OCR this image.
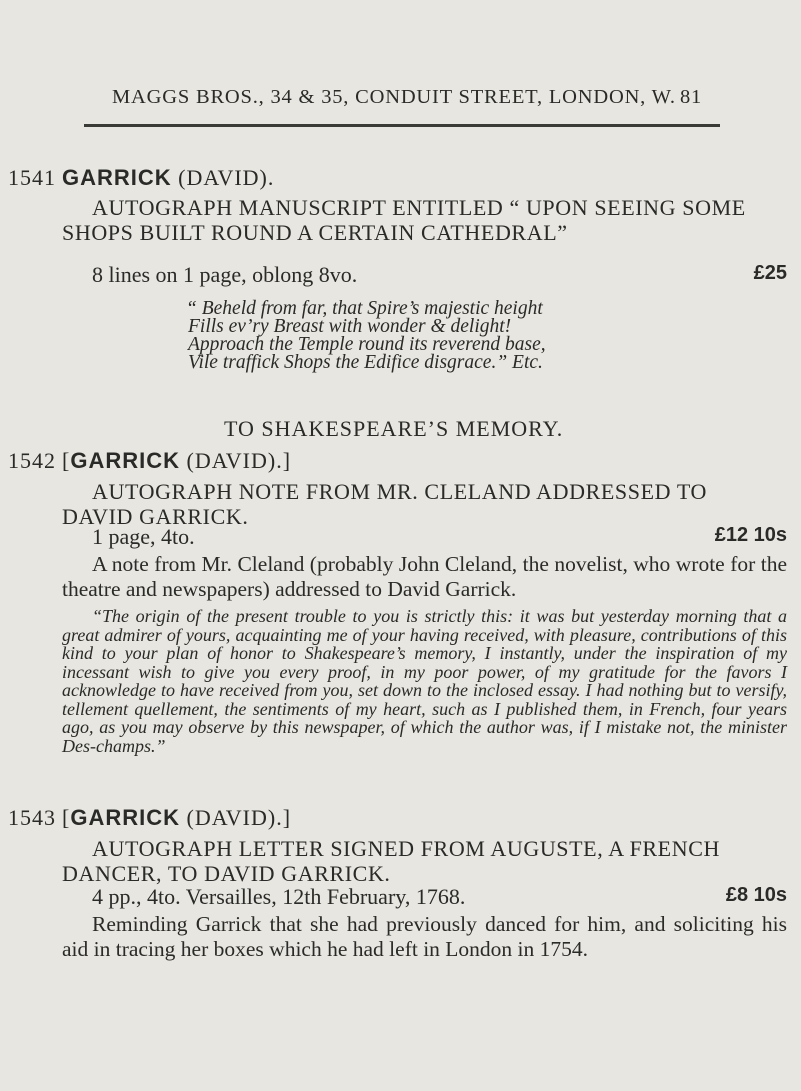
MAGGS BROS., 34 & 35, CONDUIT STREET, LONDON, W. 81
1541 GARRICK (DAVID).
AUTOGRAPH MANUSCRIPT ENTITLED “ UPON SEEING SOME SHOPS BUILT ROUND A CERTAIN CATHEDRAL”
8 lines on 1 page, oblong 8vo.	£25
“ Beheld from far, that Spire’s majestic height
Fills ev’ry Breast with wonder & delight!
Approach the Temple round its reverend base,
Vile traffick Shops the Edifice disgrace.” Etc.
TO SHAKESPEARE’S MEMORY.
1542 [GARRICK (DAVID).]
AUTOGRAPH NOTE FROM MR. CLELAND ADDRESSED TO DAVID GARRICK.
1 page, 4to.	£12 10s
A note from Mr. Cleland (probably John Cleland, the novelist, who wrote for the theatre and newspapers) addressed to David Garrick.
“The origin of the present trouble to you is strictly this: it was but yesterday morning that a great admirer of yours, acquainting me of your having received, with pleasure, contributions of this kind to your plan of honor to Shakespeare’s memory, I instantly, under the inspiration of my incessant wish to give you every proof, in my poor power, of my gratitude for the favors I acknowledge to have received from you, set down to the inclosed essay. I had nothing but to versify, tellement quellement, the sentiments of my heart, such as I published them, in French, four years ago, as you may observe by this newspaper, of which the author was, if I mistake not, the minister Des-champs.”
1543 [GARRICK (DAVID).]
AUTOGRAPH LETTER SIGNED FROM AUGUSTE, A FRENCH DANCER, TO DAVID GARRICK.
4 pp., 4to. Versailles, 12th February, 1768.	£8 10s
Reminding Garrick that she had previously danced for him, and soliciting his aid in tracing her boxes which he had left in London in 1754.
